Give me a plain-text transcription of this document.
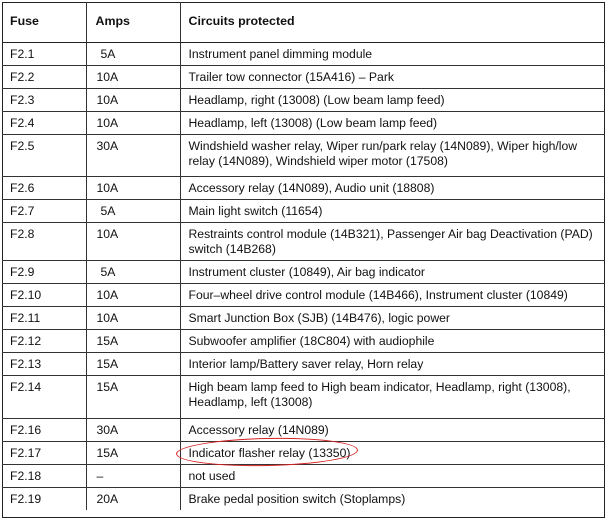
Fuse	Amps	Circuits protected
F2.1	5A	Instrument panel dimming module
F2.2	10A	Trailer tow connector (15A416) – Park
F2.3	10A	Headlamp, right (13008) (Low beam lamp feed)
F2.4	10A	Headlamp, left (13008) (Low beam lamp feed)
F2.5	30A	Windshield washer relay, Wiper run/park relay (14N089), Wiper high/low relay (14N089), Windshield wiper motor (17508)
F2.6	10A	Accessory relay (14N089), Audio unit (18808)
F2.7	5A	Main light switch (11654)
F2.8	10A	Restraints control module (14B321), Passenger Air bag Deactivation (PAD) switch (14B268)
F2.9	5A	Instrument cluster (10849), Air bag indicator
F2.10	10A	Four–wheel drive control module (14B466), Instrument cluster (10849)
F2.11	10A	Smart Junction Box (SJB) (14B476), logic power
F2.12	15A	Subwoofer amplifier (18C804) with audiophile
F2.13	15A	Interior lamp/Battery saver relay, Horn relay
F2.14	15A	High beam lamp feed to High beam indicator, Headlamp, right (13008), Headlamp, left (13008)
F2.16	30A	Accessory relay (14N089)
F2.17	15A	Indicator flasher relay (13350)
F2.18	–	not used
F2.19	20A	Brake pedal position switch (Stoplamps)
